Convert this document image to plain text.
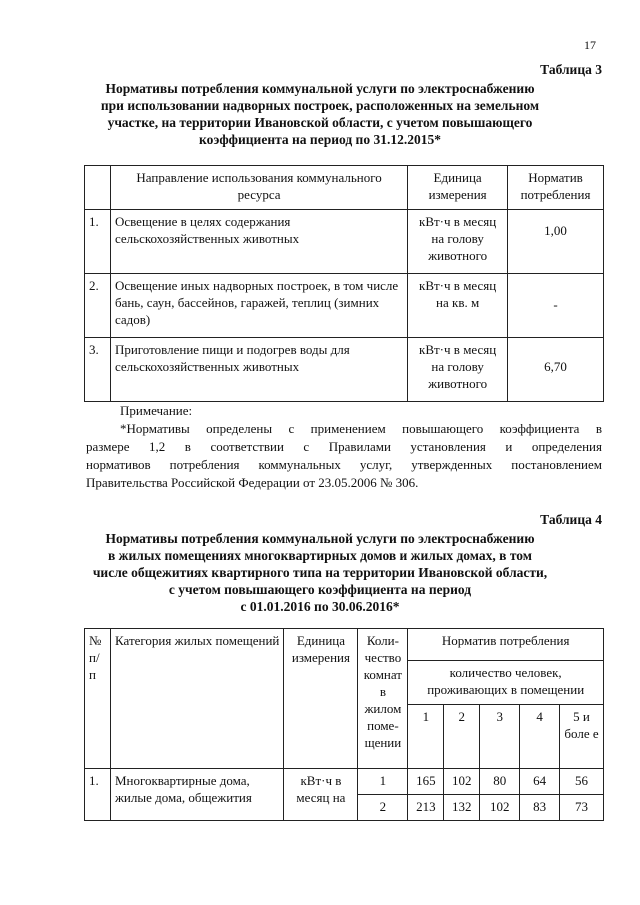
17
Таблица 3
Нормативы потребления коммунальной услуги по электроснабжению
при использовании надворных построек, расположенных на земельном
участке, на территории Ивановской области, с учетом повышающего
коэффициента на период по 31.12.2015*
	Направление использования коммунального ресурса	Единица измерения	Норматив потребления
1.	Освещение в целях содержания сельскохозяйственных животных	кВт·ч в месяц на голову животного	1,00
2.	Освещение иных надворных построек, в том числе бань, саун, бассейнов, гаражей, теплиц (зимних садов)	кВт·ч в месяц на кв. м	-
3.	Приготовление пищи и подогрев воды для сельскохозяйственных животных	кВт·ч в месяц на голову животного	6,70
Примечание:
*Нормативы определены с применением повышающего коэффициента в
размере 1,2 в соответствии с Правилами установления и определения
нормативов потребления коммунальных услуг, утвержденных постановлением
Правительства Российской Федерации от 23.05.2006 № 306.
Таблица 4
Нормативы потребления коммунальной услуги по электроснабжению
в жилых помещениях многоквартирных домов и жилых домах, в том
числе общежитиях квартирного типа на территории Ивановской области,
с учетом повышающего коэффициента на период
с 01.01.2016 по 30.06.2016*
№ п/п	Категория жилых помещений	Единица измерения	Коли-чество комнат в жилом поме-щении	Норматив потребления				
				количество человек, проживающих в помещении				
				1	2	3	4	5 и боле е
1.	Многоквартирные дома, жилые дома, общежития	кВт·ч в месяц на	1	165	102	80	64	56
			2	213	132	102	83	73
